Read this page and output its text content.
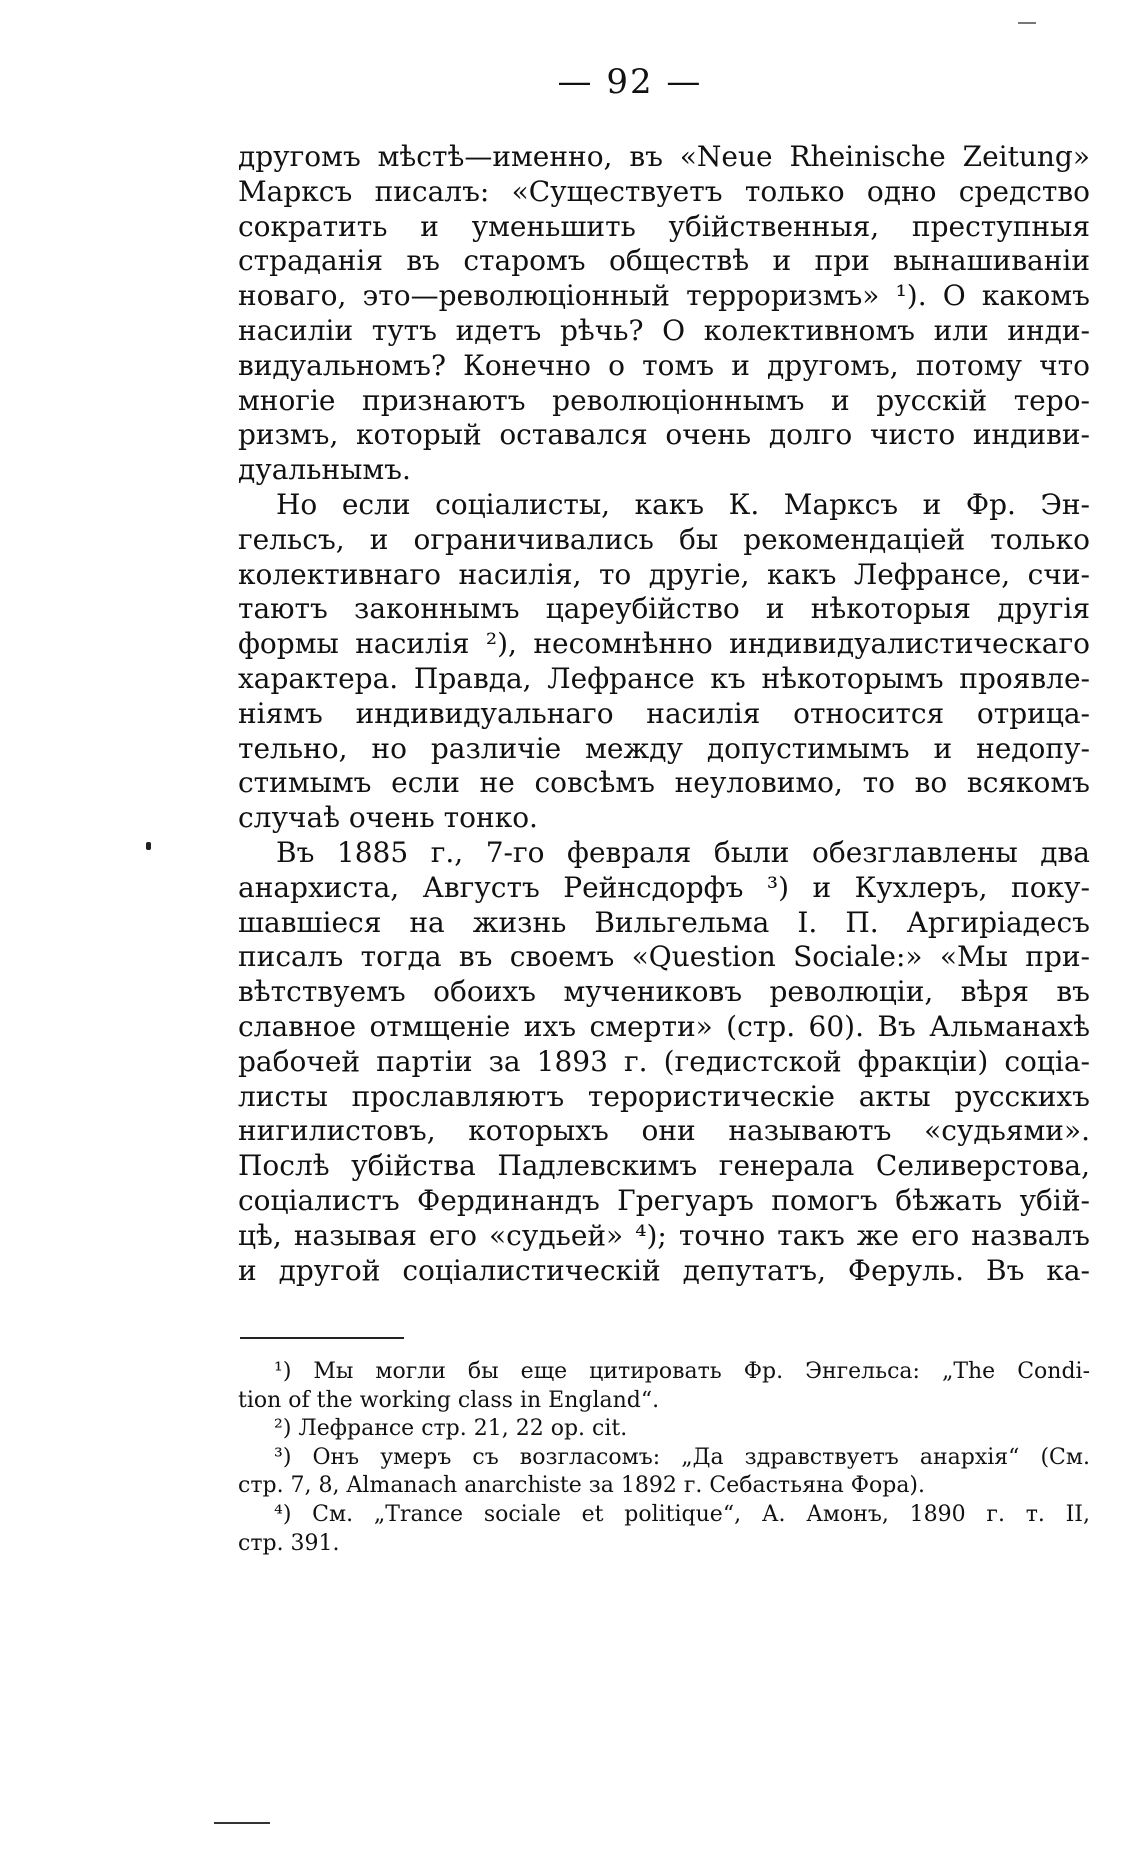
— 92 —
другомъ мѣстѣ—именно, въ «Neue Rheinische Zeitung»
Марксъ писалъ: «Существуетъ только одно средство
сократить и уменьшить убійственныя, преступныя
страданія въ старомъ обществѣ и при вынашиваніи
новаго, это—революціонный терроризмъ» ¹). О какомъ
насиліи тутъ идетъ рѣчь? О колективномъ или инди-
видуальномъ? Конечно о томъ и другомъ, потому что
многіе признаютъ революціоннымъ и русскій теро-
ризмъ, который оставался очень долго чисто индиви-
дуальнымъ.
Но если соціалисты, какъ К. Марксъ и Фр. Эн-
гельсъ, и ограничивались бы рекомендаціей только
колективнаго насилія, то другіе, какъ Лефрансе, счи-
таютъ законнымъ цареубійство и нѣкоторыя другія
формы насилія ²), несомнѣнно индивидуалистическаго
характера. Правда, Лефрансе къ нѣкоторымъ проявле-
ніямъ индивидуальнаго насилія относится отрица-
тельно, но различіе между допустимымъ и недопу-
стимымъ если не совсѣмъ неуловимо, то во всякомъ
случаѣ очень тонко.
Въ 1885 г., 7-го февраля были обезглавлены два
анархиста, Августъ Рейнсдорфъ ³) и Кухлеръ, поку-
шавшіеся на жизнь Вильгельма I. П. Аргиріадесъ
писалъ тогда въ своемъ «Question Sociale:» «Мы при-
вѣтствуемъ обоихъ мучениковъ революціи, вѣря въ
славное отмщеніе ихъ смерти» (стр. 60). Въ Альманахѣ
рабочей партіи за 1893 г. (гедистской фракціи) соціа-
листы прославляютъ терористическіе акты русскихъ
нигилистовъ, которыхъ они называютъ «судьями».
Послѣ убійства Падлевскимъ генерала Селиверстова,
соціалистъ Фердинандъ Грегуаръ помогъ бѣжать убій-
цѣ, называя его «судьей» ⁴); точно такъ же его назвалъ
и другой соціалистическій депутатъ, Феруль. Въ ка-
¹) Мы могли бы еще цитировать Фр. Энгельса: „The Condi-
tion of the working class in England“.
²) Лефрансе стр. 21, 22 op. cit.
³) Онъ умеръ съ возгласомъ: „Да здравствуетъ анархія“ (См.
стр. 7, 8, Almanach anarchiste за 1892 г. Себастьяна Фора).
⁴) См. „Trance sociale et politique“, А. Амонъ, 1890 г. т. II,
стр. 391.
